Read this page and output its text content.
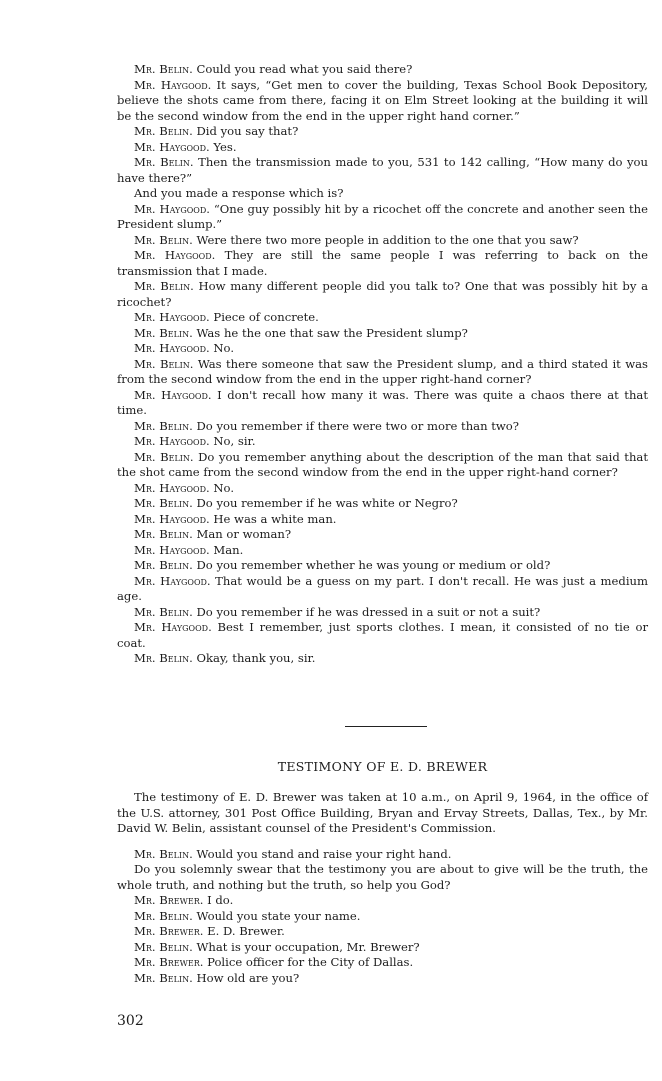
Mr. Belin. Could you read what you said there?

Mr. Haygood. It says, “Get men to cover the building, Texas School Book Depository, believe the shots came from there, facing it on Elm Street looking at the building it will be the second window from the end in the upper right hand corner.”

Mr. Belin. Did you say that?

Mr. Haygood. Yes.

Mr. Belin. Then the transmission made to you, 531 to 142 calling, “How many do you have there?”

And you made a response which is?

Mr. Haygood. “One guy possibly hit by a ricochet off the concrete and another seen the President slump.”

Mr. Belin. Were there two more people in addition to the one that you saw?

Mr. Haygood. They are still the same people I was referring to back on the transmission that I made.

Mr. Belin. How many different people did you talk to? One that was possibly hit by a ricochet?

Mr. Haygood. Piece of concrete.

Mr. Belin. Was he the one that saw the President slump?

Mr. Haygood. No.

Mr. Belin. Was there someone that saw the President slump, and a third stated it was from the second window from the end in the upper right-hand corner?

Mr. Haygood. I don't recall how many it was. There was quite a chaos there at that time.

Mr. Belin. Do you remember if there were two or more than two?

Mr. Haygood. No, sir.

Mr. Belin. Do you remember anything about the description of the man that said that the shot came from the second window from the end in the upper right-hand corner?

Mr. Haygood. No.

Mr. Belin. Do you remember if he was white or Negro?

Mr. Haygood. He was a white man.

Mr. Belin. Man or woman?

Mr. Haygood. Man.

Mr. Belin. Do you remember whether he was young or medium or old?

Mr. Haygood. That would be a guess on my part. I don't recall. He was just a medium age.

Mr. Belin. Do you remember if he was dressed in a suit or not a suit?

Mr. Haygood. Best I remember, just sports clothes. I mean, it consisted of no tie or coat.

Mr. Belin. Okay, thank you, sir.

TESTIMONY OF E. D. BREWER

The testimony of E. D. Brewer was taken at 10 a.m., on April 9, 1964, in the office of the U.S. attorney, 301 Post Office Building, Bryan and Ervay Streets, Dallas, Tex., by Mr. David W. Belin, assistant counsel of the President's Commission.

Mr. Belin. Would you stand and raise your right hand.

Do you solemnly swear that the testimony you are about to give will be the truth, the whole truth, and nothing but the truth, so help you God?

Mr. Brewer. I do.

Mr. Belin. Would you state your name.

Mr. Brewer. E. D. Brewer.

Mr. Belin. What is your occupation, Mr. Brewer?

Mr. Brewer. Police officer for the City of Dallas.

Mr. Belin. How old are you?

302
